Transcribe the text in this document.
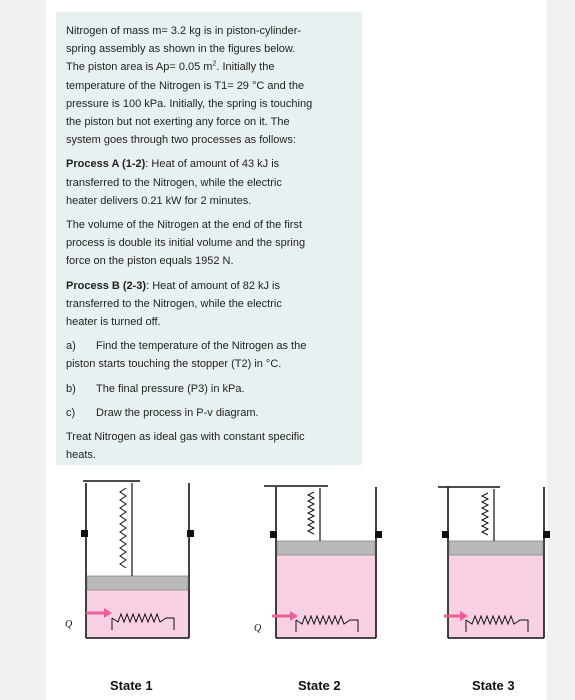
Nitrogen of mass m= 3.2 kg is in piston-cylinder-
spring assembly as shown in the figures below.
The piston area is Ap= 0.05 $m^2$. Initially the
temperature of the Nitrogen is T1= 29 °C and the
pressure is 100 kPa. Initially, the spring is touching
the piston but not exerting any force on it. The
system goes through two processes as follows:

Process A (1-2): Heat of amount of 43 kJ is
transferred to the Nitrogen, while the electric
heater delivers 0.21 kW for 2 minutes.

The volume of the Nitrogen at the end of the first
process is double its initial volume and the spring
force on the piston equals 1952 N.

Process B (2-3): Heat of amount of 82 kJ is
transferred to the Nitrogen, while the electric
heater is turned off.

a)	Find the temperature of the Nitrogen as the
piston starts touching the stopper (T2) in °C.
b)	The final pressure (P3) in kPa.
c)	Draw the process in P-v diagram.

Treat Nitrogen as ideal gas with constant specific
heats.

Q
State 1
Q
State 2	State 3
